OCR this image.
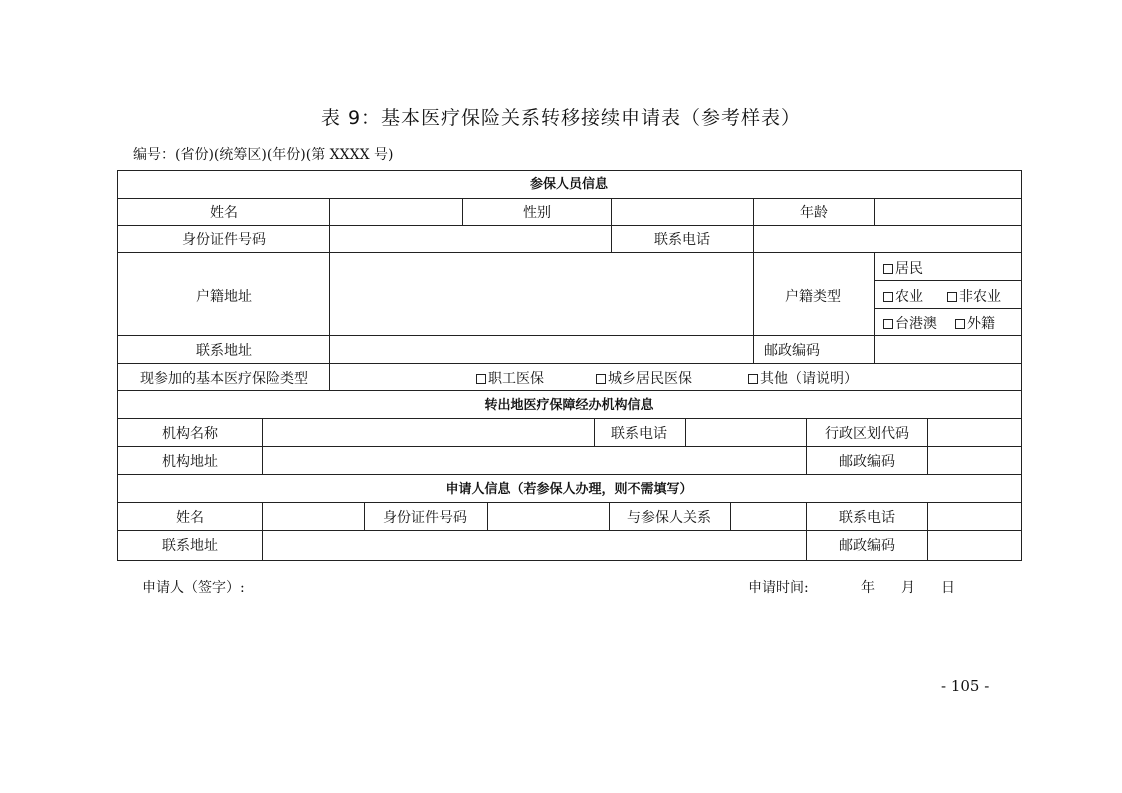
表 9：基本医疗保险关系转移接续申请表（参考样表）
编号：(省份)(统筹区)(年份)(第 XXXX 号)
参保人员信息
姓名	性别	年龄
身份证件号码	联系电话
户籍地址	户籍类型
居民
农业	非农业
台港澳	外籍
联系地址	邮政编码
现参加的基本医疗保险类型	职工医保	城乡居民医保	其他（请说明）
转出地医疗保障经办机构信息
机构名称	联系电话	行政区划代码
机构地址	邮政编码
申请人信息（若参保人办理，则不需填写）
姓名	身份证件号码	与参保人关系	联系电话
联系地址	邮政编码
申请人（签字）:	申请时间:	年 月 日
- 105 -
